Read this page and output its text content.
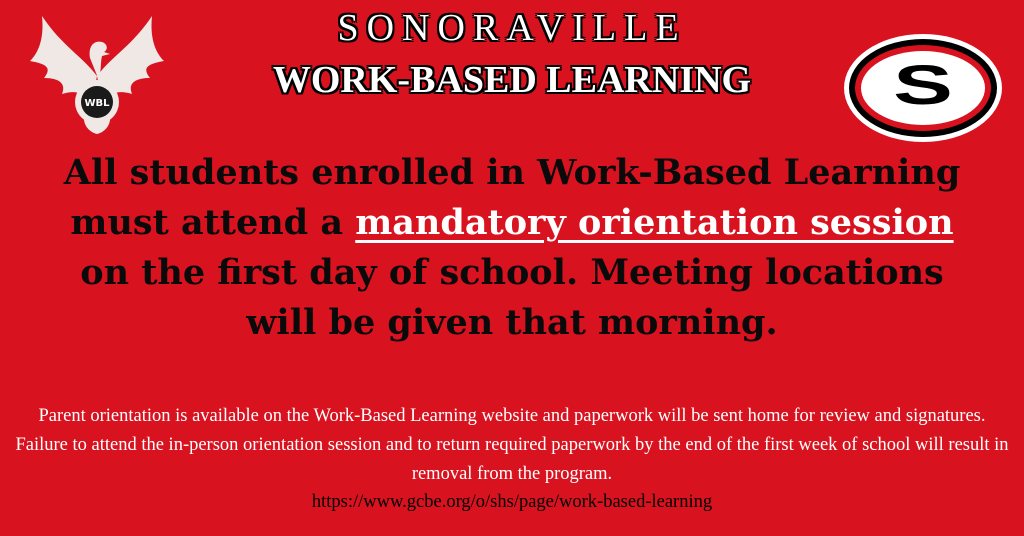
WBL	S
SONORAVILLE
WORK-BASED LEARNING
All students enrolled in Work-Based Learning must attend a mandatory orientation session on the first day of school. Meeting locations will be given that morning.
Parent orientation is available on the Work-Based Learning website and paperwork will be sent home for review and signatures. Failure to attend the in-person orientation session and to return required paperwork by the end of the first week of school will result in removal from the program.
https://www.gcbe.org/o/shs/page/work-based-learning
